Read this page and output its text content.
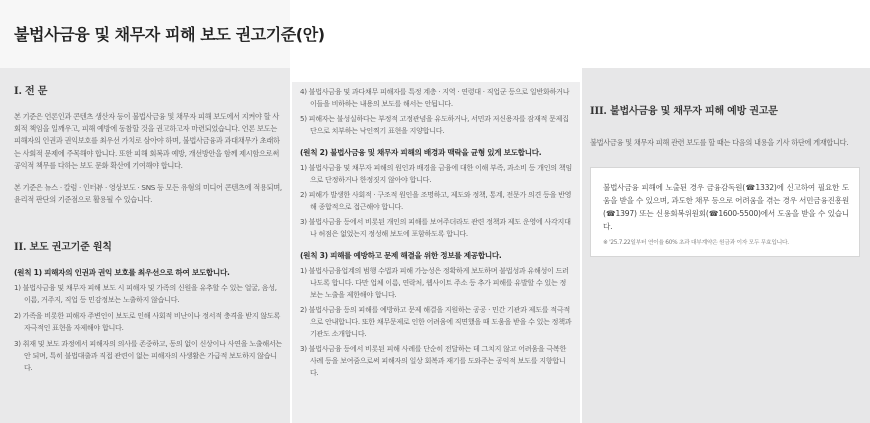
불법사금융 및 채무자 피해 보도 권고기준(안)
I. 전 문

본 기준은 언론인과 콘텐츠 생산자 등이 불법사금융 및 채무자 피해 보도에서 지켜야 할 사회적 책임을 일깨우고, 피해 예방에 동참할 것을 권고하고자 마련되었습니다. 언론 보도는 피해자의 인권과 권익보호를 최우선 가치로 삼아야 하며, 불법사금융과 과대채무가 초래하는 사회적 문제에 주목해야 합니다. 또한 피해 회복과 예방, 개선방안을 함께 제시함으로써 공익적 책무를 다하는 보도 문화 확산에 기여해야 합니다.

본 기준은 뉴스 · 칼럼 · 인터뷰 · 영상보도 · SNS 등 모든 유형의 미디어 콘텐츠에 적용되며, 윤리적 판단의 기준점으로 활용될 수 있습니다.

II. 보도 권고기준 원칙

(원칙 1) 피해자의 인권과 권익 보호를 최우선으로 하여 보도합니다.

1) 불법사금융 및 채무자 피해 보도 시 피해자 및 가족의 신원을 유추할 수 있는 얼굴, 음성, 이름, 거주지, 직업 등 민감정보는 노출하지 않습니다.

2) 가족을 비롯한 피해자 주변인이 보도로 인해 사회적 비난이나 정서적 충격을 받지 않도록 자극적인 표현을 자제해야 합니다.

3) 취재 및 보도 과정에서 피해자의 의사를 존중하고, 동의 없이 신상이나 사연을 노출해서는 안 되며, 특히 불법대출과 직접 관련이 없는 피해자의 사생활은 가급적 보도하지 않습니다.

4) 불법사금융 및 과다채무 피해자를 특정 계층 · 지역 · 연령대 · 직업군 등으로 일반화하거나 이들을 비하하는 내용의 보도를 해서는 안됩니다.

5) 피해자는 불성실하다는 부정적 고정관념을 유도하거나, 서민과 저신용자를 잠재적 문제집단으로 치부하는 낙인찍기 표현을 지양합니다.

(원칙 2) 불법사금융 및 채무자 피해의 배경과 맥락을 균형 있게 보도합니다.

1) 불법사금융 및 채무자 피해의 원인과 배경을 금융에 대한 이해 부족, 과소비 등 개인의 책임으로 단정하거나 한정짓지 않아야 합니다.

2) 피해가 발생한 사회적 · 구조적 원인을 조명하고, 제도와 정책, 통계, 전문가 의견 등을 반영해 종합적으로 접근해야 합니다.

3) 불법사금융 등에서 비롯된 개인의 피해를 보여주더라도 관련 정책과 제도 운영에 사각지대나 허점은 없었는지 정성해 보도에 포함하도록 합니다.

(원칙 3) 피해를 예방하고 문제 해결을 위한 정보를 제공합니다.

1) 불법사금융업계의 범행 수법과 피해 가능성은 정확하게 보도하며 불법성과 유해성이 드러나도록 합니다. 다만 업체 이름, 연락처, 웹사이트 주소 등 추가 피해를 유발할 수 있는 정보는 노출을 제한해야 합니다.

2) 불법사금융 등의 피해를 예방하고 문제 해결을 지원하는 공공 · 민간 기관과 제도를 적극적으로 안내합니다. 또한 채무문제로 인한 어려움에 직면했을 때 도움을 받을 수 있는 정책과 기관도 소개합니다.

3) 불법사금융 등에서 비롯된 피해 사례를 단순히 전달하는 데 그치지 않고 어려움을 극복한 사례 등을 보여줌으로써 피해자의 일상 회복과 재기를 도와주는 공익적 보도를 지향합니다.

III. 불법사금융 및 채무자 피해 예방 권고문

불법사금융 및 채무자 피해 관련 보도를 할 때는 다음의 내용을 기사 하단에 게재합니다.

불법사금융 피해에 노출된 경우 금융감독원(☎1332)에 신고하여 필요한 도움을 받을 수 있으며, 과도한 채무 등으로 어려움을 겪는 경우 서민금융진흥원(☎1397) 또는 신용회복위원회(☎1600-5500)에서 도움을 받을 수 있습니다.

※ '25.7.22일부터 연이율 60% 초과 대부계약은 원금과 이자 모두 무효입니다.
